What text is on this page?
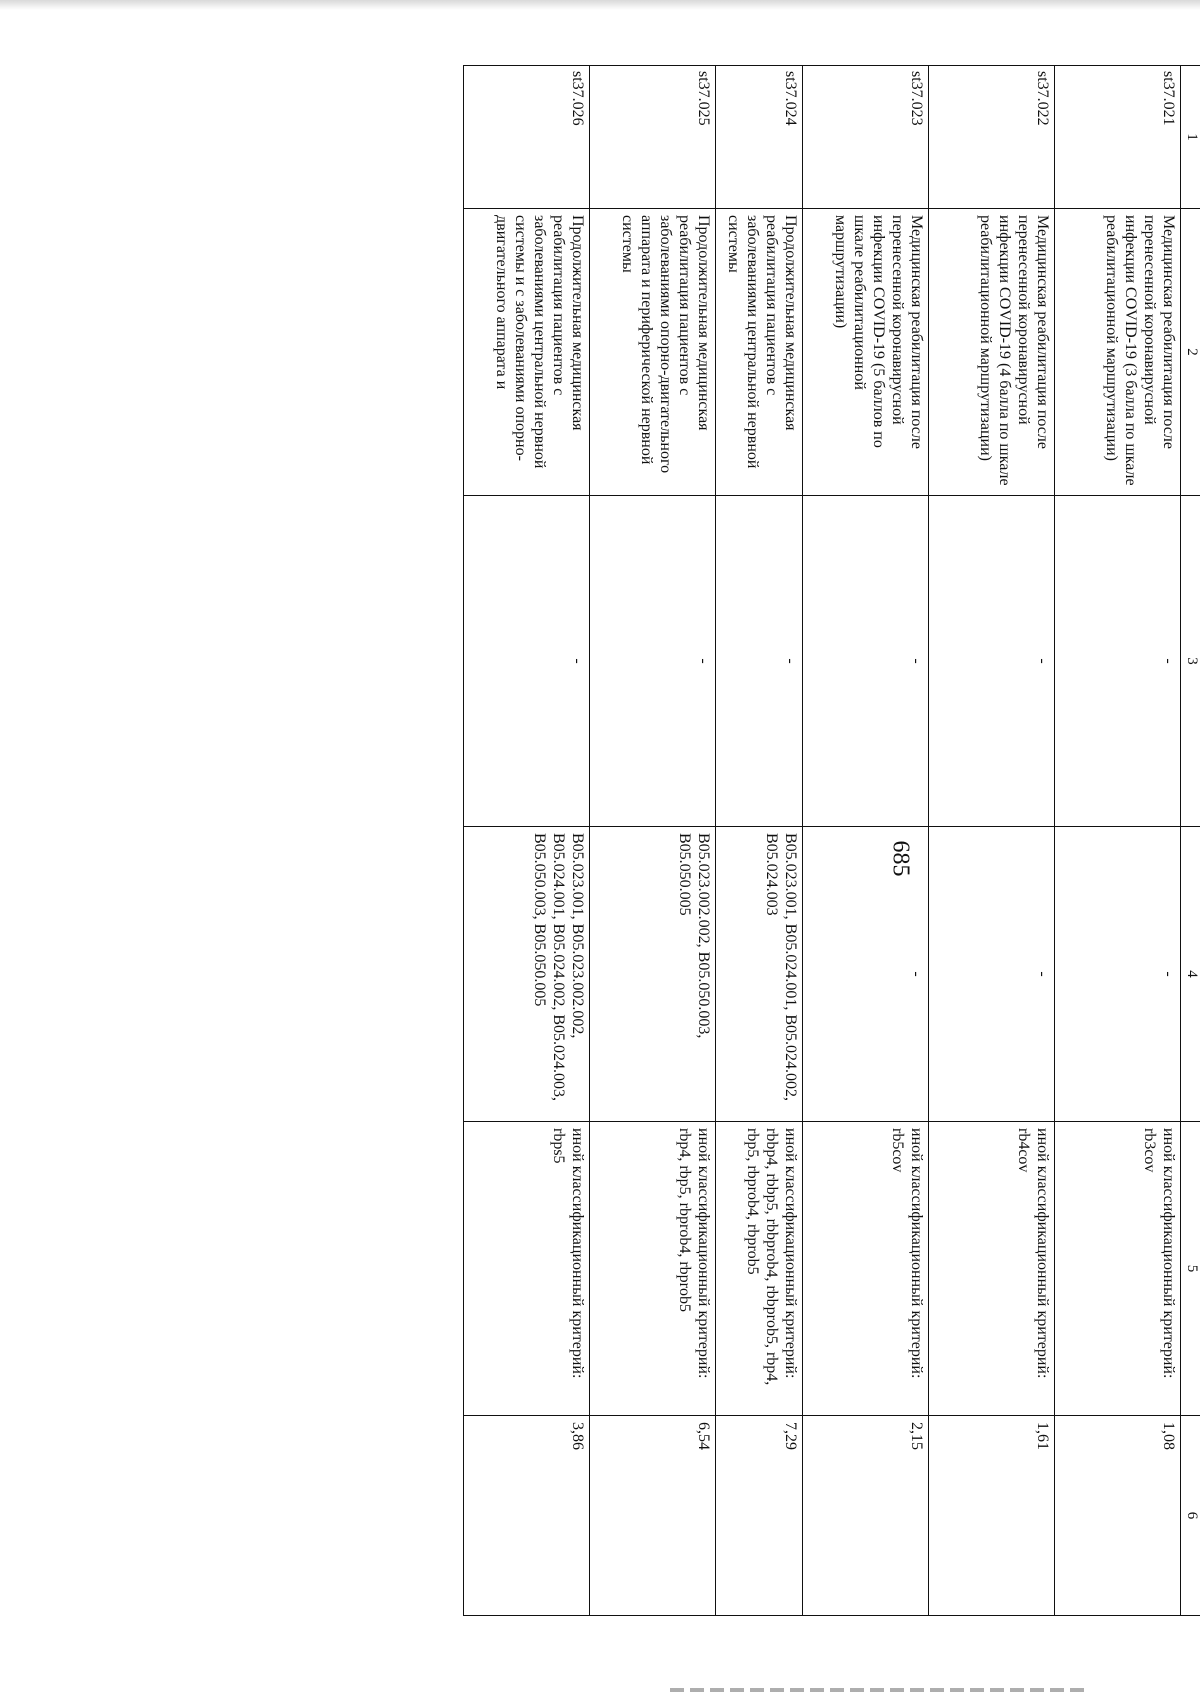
685
1	2	3	4	5	6
st37.021	Медицинская реабилитация после перенесенной коронавирусной инфекции COVID-19 (3 балла по шкале реабилитационной маршрутизации)	-	-	иной классификационный критерий: rb3cov	1,08
st37.022	Медицинская реабилитация после перенесенной коронавирусной инфекции COVID-19 (4 балла по шкале реабилитационной маршрутизации)	-	-	иной классификационный критерий: rb4cov	1,61
st37.023	Медицинская реабилитация после перенесенной коронавирусной инфекции COVID-19 (5 баллов по шкале реабилитационной маршрутизации)	-	-	иной классификационный критерий: rb5cov	2,15
st37.024	Продолжительная медицинская реабилитация пациентов с заболеваниями центральной нервной системы	-	B05.023.001, B05.024.001, B05.024.002, B05.024.003	иной классификационный критерий: rbbp4, rbbp5, rbbprob4, rbbprob5, rbp4, rbp5, rbprob4, rbprob5	7,29
st37.025	Продолжительная медицинская реабилитация пациентов с заболеваниями опорно-двигательного аппарата и периферической нервной системы	-	B05.023.002.002, B05.050.003, B05.050.005	иной классификационный критерий: rbp4, rbp5, rbprob4, rbprob5	6,54
st37.026	Продолжительная медицинская реабилитация пациентов с заболеваниями центральной нервной системы и с заболеваниями опорно-двигательного аппарата и	-	B05.023.001, B05.023.002.002, B05.024.001, B05.024.002, B05.024.003, B05.050.003, B05.050.005	иной классификационный критерий: rbps5	3,86
